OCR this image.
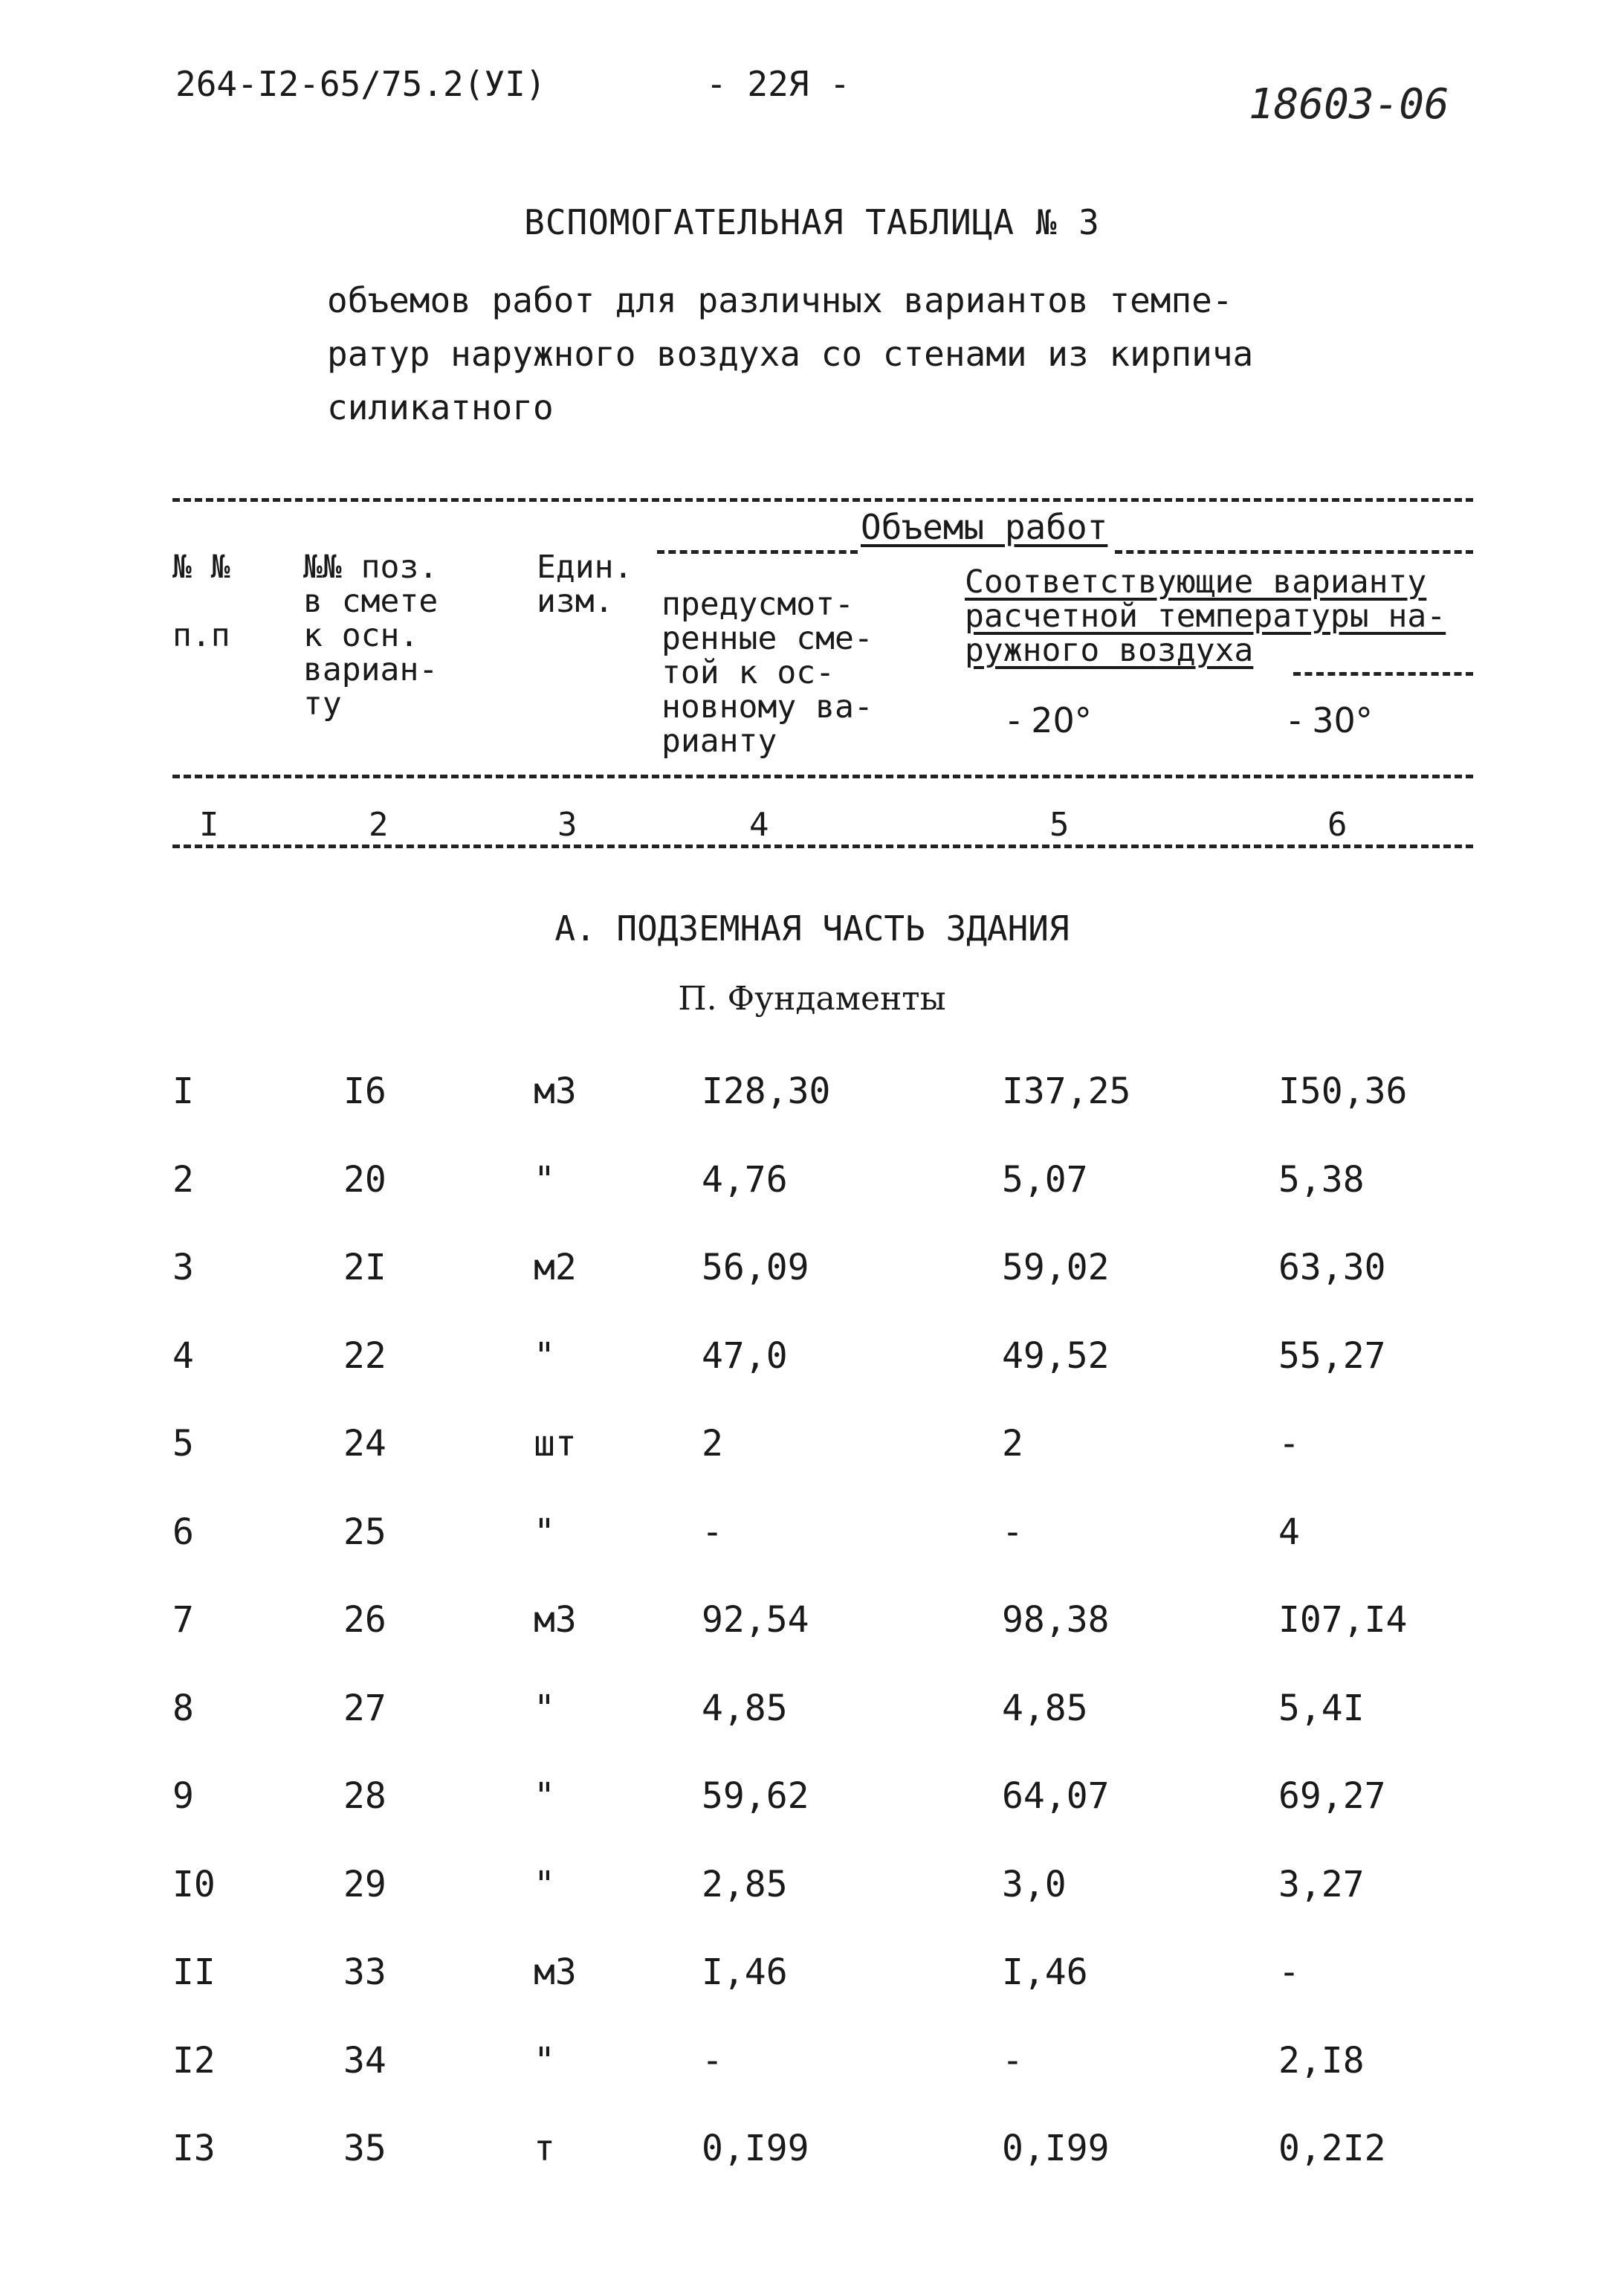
264-I2-65/75.2(УI)	- 22Я -	18603-06
ВСПОМОГАТЕЛЬНАЯ ТАБЛИЦА № 3
объемов работ для различных вариантов темпе-
ратур наружного воздуха со стенами из кирпича
силикатного
№ №

п.п
№№ поз.
в смете
к осн.
вариан-
ту
Един.
изм.
Объемы работ
предусмот-
ренные сме-
той к ос-
новному ва-
рианту
Соответствующие варианту
расчетной температуры на-
ружного воздуха
- 20°	- 30°
I	2	3	4	5	6
А. ПОДЗЕМНАЯ ЧАСТЬ ЗДАНИЯ
П. Фундаменты
I	I6	м3	I28,30	I37,25	I50,36
2	20	"	4,76	5,07	5,38
3	2I	м2	56,09	59,02	63,30
4	22	"	47,0	49,52	55,27
5	24	шт	2	2	-
6	25	"	-	-	4
7	26	м3	92,54	98,38	I07,I4
8	27	"	4,85	4,85	5,4I
9	28	"	59,62	64,07	69,27
I0	29	"	2,85	3,0	3,27
II	33	м3	I,46	I,46	-
I2	34	"	-	-	2,I8
I3	35	т	0,I99	0,I99	0,2I2
